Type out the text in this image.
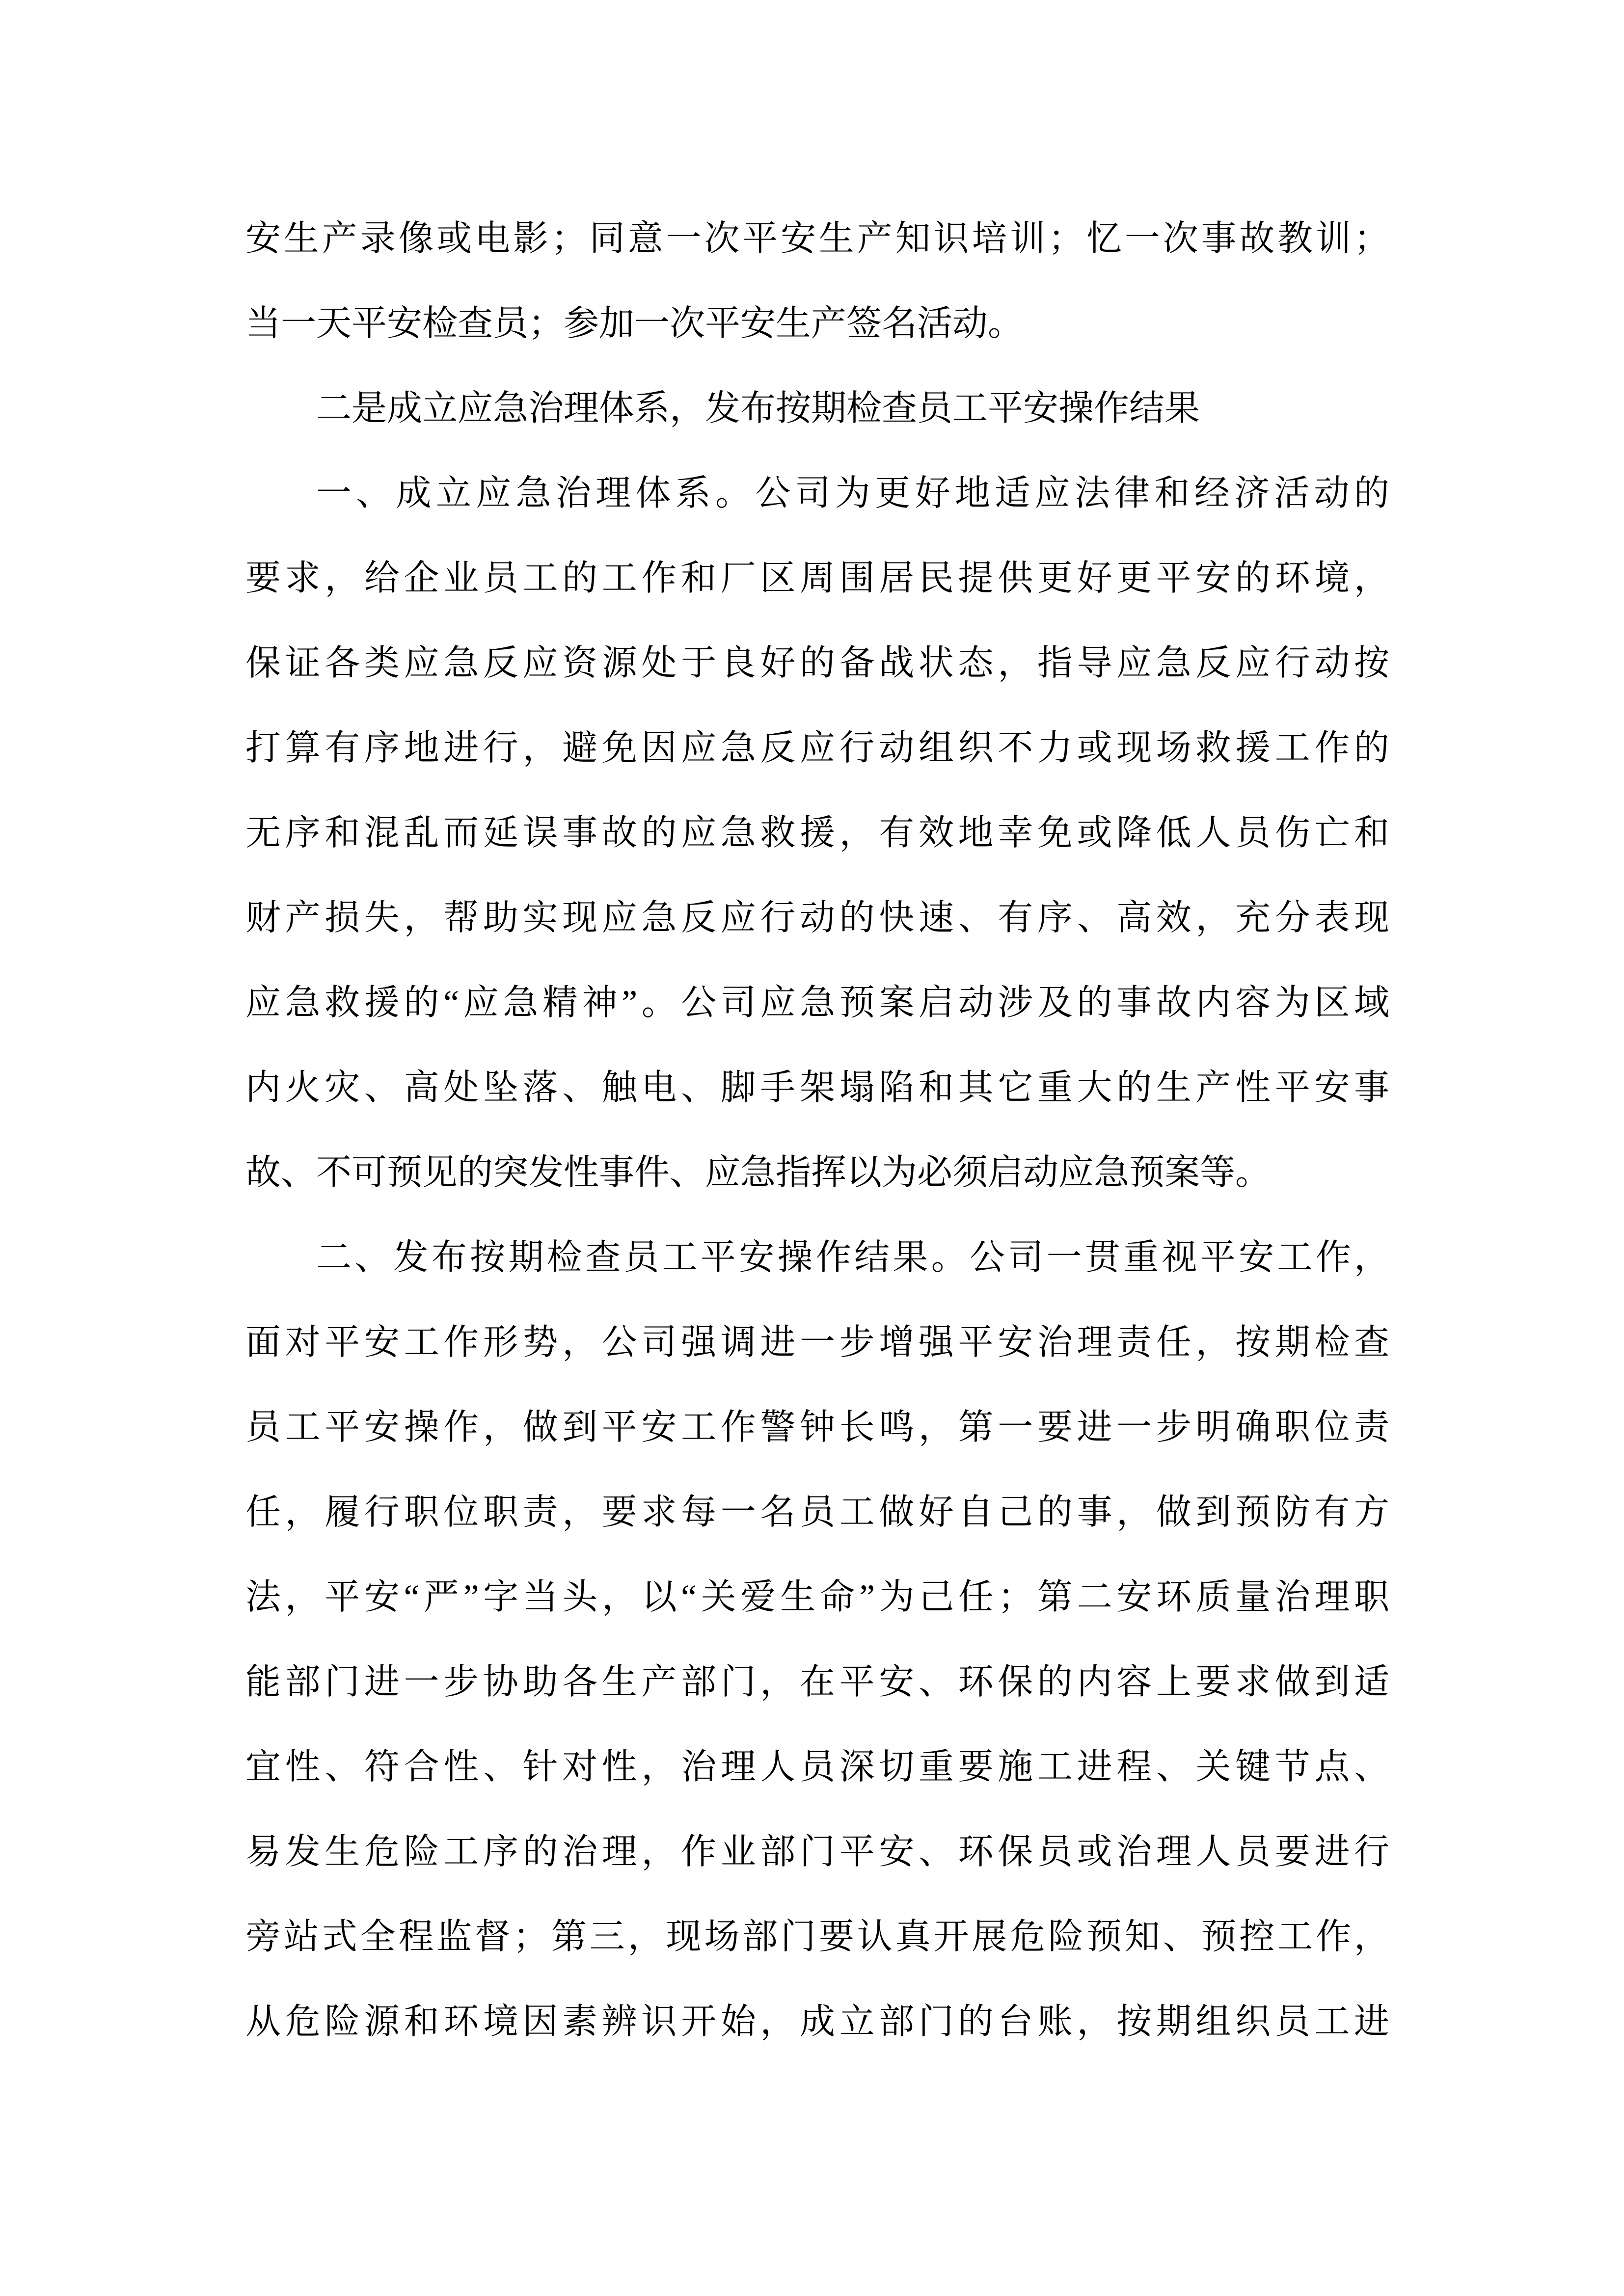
安生产录像或电影；同意一次平安生产知识培训；忆一次事故教训；
当一天平安检查员；参加一次平安生产签名活动。
二是成立应急治理体系，发布按期检查员工平安操作结果
一、成立应急治理体系。公司为更好地适应法律和经济活动的
要求，给企业员工的工作和厂区周围居民提供更好更平安的环境，
保证各类应急反应资源处于良好的备战状态，指导应急反应行动按
打算有序地进行，避免因应急反应行动组织不力或现场救援工作的
无序和混乱而延误事故的应急救援，有效地幸免或降低人员伤亡和
财产损失，帮助实现应急反应行动的快速、有序、高效，充分表现
应急救援的“应急精神”。公司应急预案启动涉及的事故内容为区域
内火灾、高处坠落、触电、脚手架塌陷和其它重大的生产性平安事
故、不可预见的突发性事件、应急指挥以为必须启动应急预案等。
二、发布按期检查员工平安操作结果。公司一贯重视平安工作，
面对平安工作形势，公司强调进一步增强平安治理责任，按期检查
员工平安操作，做到平安工作警钟长鸣，第一要进一步明确职位责
任，履行职位职责，要求每一名员工做好自己的事，做到预防有方
法，平安“严”字当头，以“关爱生命”为己任；第二安环质量治理职
能部门进一步协助各生产部门，在平安、环保的内容上要求做到适
宜性、符合性、针对性，治理人员深切重要施工进程、关键节点、
易发生危险工序的治理，作业部门平安、环保员或治理人员要进行
旁站式全程监督；第三，现场部门要认真开展危险预知、预控工作，
从危险源和环境因素辨识开始，成立部门的台账，按期组织员工进
